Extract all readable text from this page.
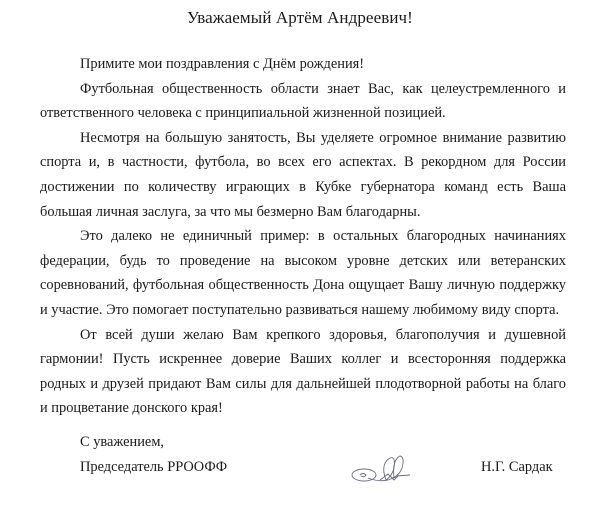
Уважаемый Артём Андреевич!

Примите мои поздравления с Днём рождения!

Футбольная общественность области знает Вас, как целеустремленного и ответственного человека с принципиальной жизненной позицией.

Несмотря на большую занятость, Вы уделяете огромное внимание развитию спорта и, в частности, футбола, во всех его аспектах. В рекордном для России достижении по количеству играющих в Кубке губернатора команд есть Ваша большая личная заслуга, за что мы безмерно Вам благодарны.

Это далеко не единичный пример: в остальных благородных начинаниях федерации, будь то проведение на высоком уровне детских или ветеранских соревнований, футбольная общественность Дона ощущает Вашу личную поддержку и участие. Это помогает поступательно развиваться нашему любимому виду спорта.

От всей души желаю Вам крепкого здоровья, благополучия и душевной гармонии! Пусть искреннее доверие Ваших коллег и всесторонняя поддержка родных и друзей придают Вам силы для дальнейшей плодотворной работы на благо и процветание донского края!

С уважением,
Председатель РРООФФ	Н.Г. Сардак
